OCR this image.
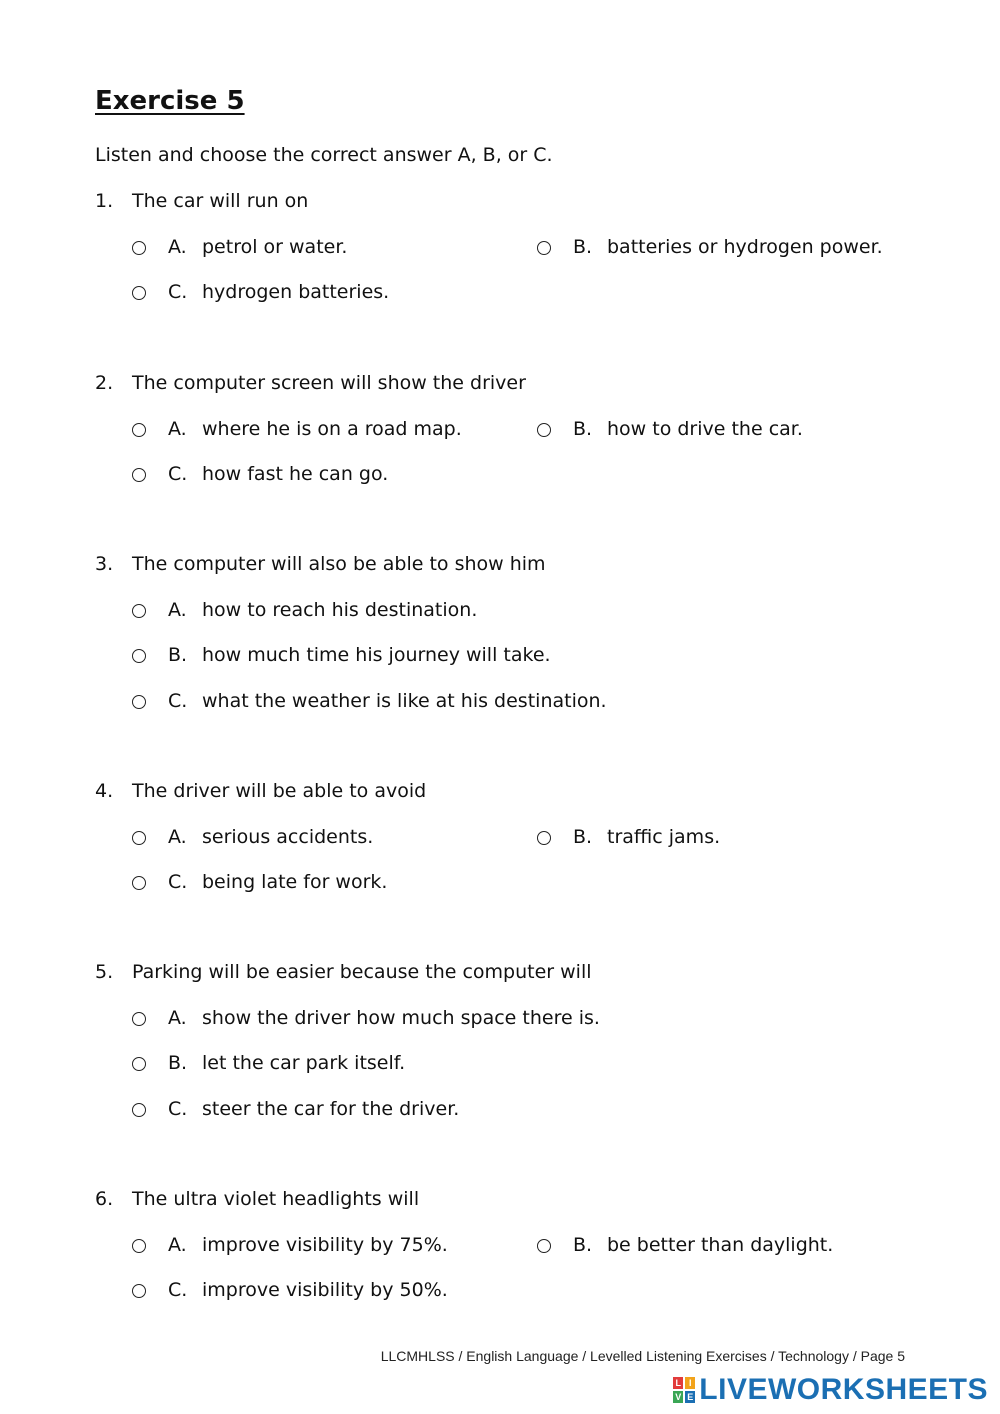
Exercise 5
Listen and choose the correct answer A, B, or C.
1. The car will run on
A. petrol or water.	B. batteries or hydrogen power.
C. hydrogen batteries.
2. The computer screen will show the driver
A. where he is on a road map.	B. how to drive the car.
C. how fast he can go.
3. The computer will also be able to show him
A. how to reach his destination.
B. how much time his journey will take.
C. what the weather is like at his destination.
4. The driver will be able to avoid
A. serious accidents.	B. traffic jams.
C. being late for work.
5. Parking will be easier because the computer will
A. show the driver how much space there is.
B. let the car park itself.
C. steer the car for the driver.
6. The ultra violet headlights will
A. improve visibility by 75%.	B. be better than daylight.
C. improve visibility by 50%.
LLCMHLSS / English Language / Levelled Listening Exercises / Technology / Page 5
L I
V E LIVEWORKSHEETS
